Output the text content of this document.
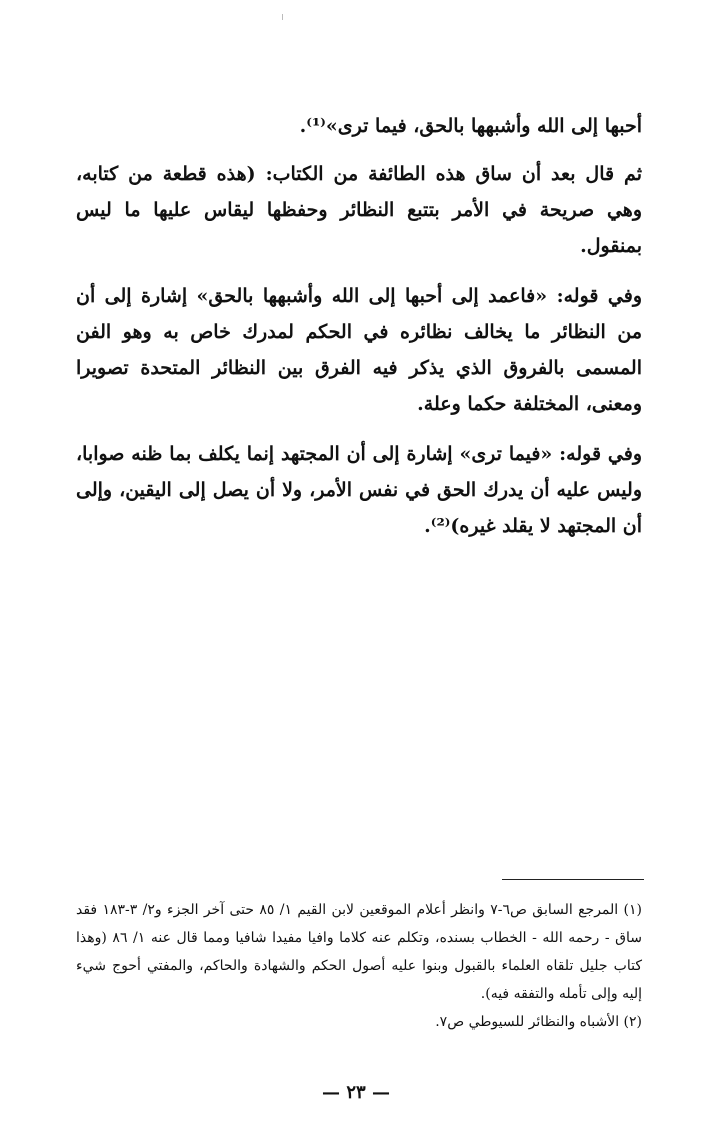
أحبها إلى الله وأشبهها بالحق، فيما ترى»⁽¹⁾.

ثم قال بعد أن ساق هذه الطائفة من الكتاب: (هذه قطعة من كتابه، وهي صريحة في الأمر بتتبع النظائر وحفظها ليقاس عليها ما ليس بمنقول.

وفي قوله: «فاعمد إلى أحبها إلى الله وأشبهها بالحق» إشارة إلى أن من النظائر ما يخالف نظائره في الحكم لمدرك خاص به وهو الفن المسمى بالفروق الذي يذكر فيه الفرق بين النظائر المتحدة تصويرا ومعنى، المختلفة حكما وعلة.

وفي قوله: «فيما ترى» إشارة إلى أن المجتهد إنما يكلف بما ظنه صوابا، وليس عليه أن يدرك الحق في نفس الأمر، ولا أن يصل إلى اليقين، وإلى أن المجتهد لا يقلد غيره)⁽²⁾.

(١) المرجع السابق ص٦-٧ وانظر أعلام الموقعين لابن القيم ١/ ٨٥ حتى آخر الجزء و٢/ ٣-١٨٣ فقد ساق - رحمه الله - الخطاب بسنده، وتكلم عنه كلاما وافيا مفيدا شافيا ومما قال عنه ١/ ٨٦ (وهذا كتاب جليل تلقاه العلماء بالقبول وبنوا عليه أصول الحكم والشهادة والحاكم، والمفتي أحوج شيء إليه وإلى تأمله والتفقه فيه).

(٢) الأشباه والنظائر للسيوطي ص٧.

— ٢٣ —
